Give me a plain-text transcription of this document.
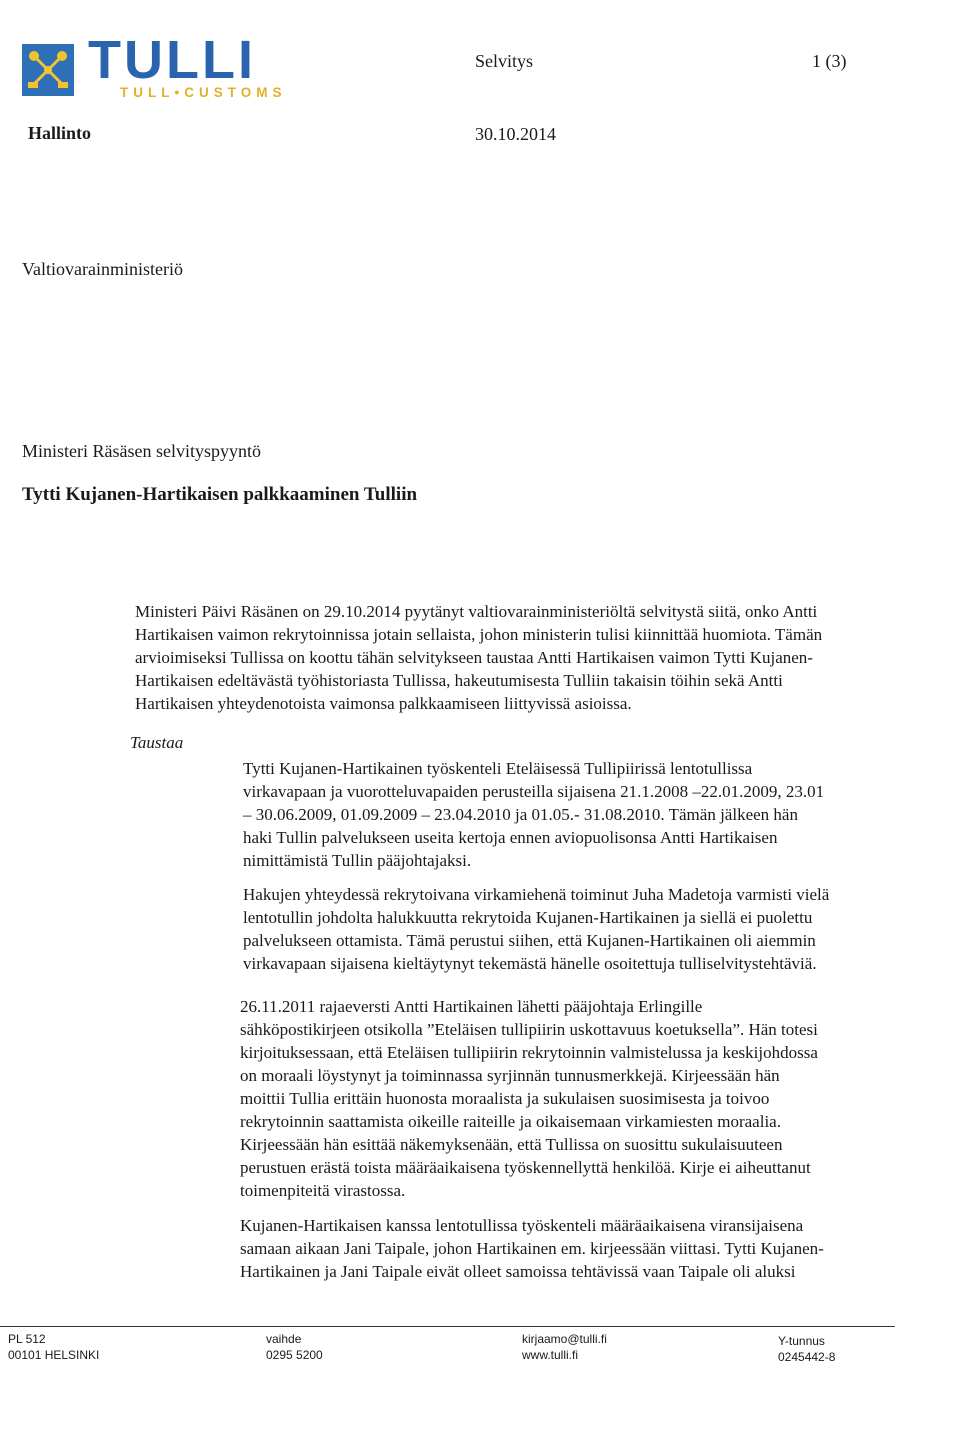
TULLI
TULL•CUSTOMS
Selvitys	1 (3)
Hallinto	30.10.2014
Valtiovarainministeriö
Ministeri Räsäsen selvityspyyntö
Tytti Kujanen-Hartikaisen palkkaaminen Tulliin

Ministeri Päivi Räsänen on 29.10.2014 pyytänyt valtiovarainministeriöltä selvitystä siitä, onko Antti
Hartikaisen vaimon rekrytoinnissa jotain sellaista, johon ministerin tulisi kiinnittää huomiota. Tämän
arvioimiseksi Tullissa on koottu tähän selvitykseen taustaa Antti Hartikaisen vaimon Tytti Kujanen-
Hartikaisen edeltävästä työhistoriasta Tullissa, hakeutumisesta Tulliin takaisin töihin sekä Antti
Hartikaisen yhteydenotoista vaimonsa palkkaamiseen liittyvissä asioissa.

Taustaa

Tytti Kujanen-Hartikainen työskenteli Eteläisessä Tullipiirissä lentotullissa
virkavapaan ja vuorotteluvapaiden perusteilla sijaisena 21.1.2008 –22.01.2009, 23.01
– 30.06.2009, 01.09.2009 – 23.04.2010 ja 01.05.- 31.08.2010. Tämän jälkeen hän
haki Tullin palvelukseen useita kertoja ennen aviopuolisonsa Antti Hartikaisen
nimittämistä Tullin pääjohtajaksi.

Hakujen yhteydessä rekrytoivana virkamiehenä toiminut Juha Madetoja varmisti vielä
lentotullin johdolta halukkuutta rekrytoida Kujanen-Hartikainen ja siellä ei puolettu
palvelukseen ottamista. Tämä perustui siihen, että Kujanen-Hartikainen oli aiemmin
virkavapaan sijaisena kieltäytynyt tekemästä hänelle osoitettuja tulliselvitystehtäviä.

26.11.2011 rajaeversti Antti Hartikainen lähetti pääjohtaja Erlingille
sähköpostikirjeen otsikolla ”Eteläisen tullipiirin uskottavuus koetuksella”. Hän totesi
kirjoituksessaan, että Eteläisen tullipiirin rekrytoinnin valmistelussa ja keskijohdossa
on moraali löystynyt ja toiminnassa syrjinnän tunnusmerkkejä. Kirjeessään hän
moittii Tullia erittäin huonosta moraalista ja sukulaisen suosimisesta ja toivoo
rekrytoinnin saattamista oikeille raiteille ja oikaisemaan virkamiesten moraalia.
Kirjeessään hän esittää näkemyksenään, että Tullissa on suosittu sukulaisuuteen
perustuen erästä toista määräaikaisena työskennellyttä henkilöä. Kirje ei aiheuttanut
toimenpiteitä virastossa.

Kujanen-Hartikaisen kanssa lentotullissa työskenteli määräaikaisena viransijaisena
samaan aikaan Jani Taipale, johon Hartikainen em. kirjeessään viittasi. Tytti Kujanen-
Hartikainen ja Jani Taipale eivät olleet samoissa tehtävissä vaan Taipale oli aluksi

PL 512
00101 HELSINKI
vaihde
0295 5200
kirjaamo@tulli.fi
www.tulli.fi
Y-tunnus
0245442-8
